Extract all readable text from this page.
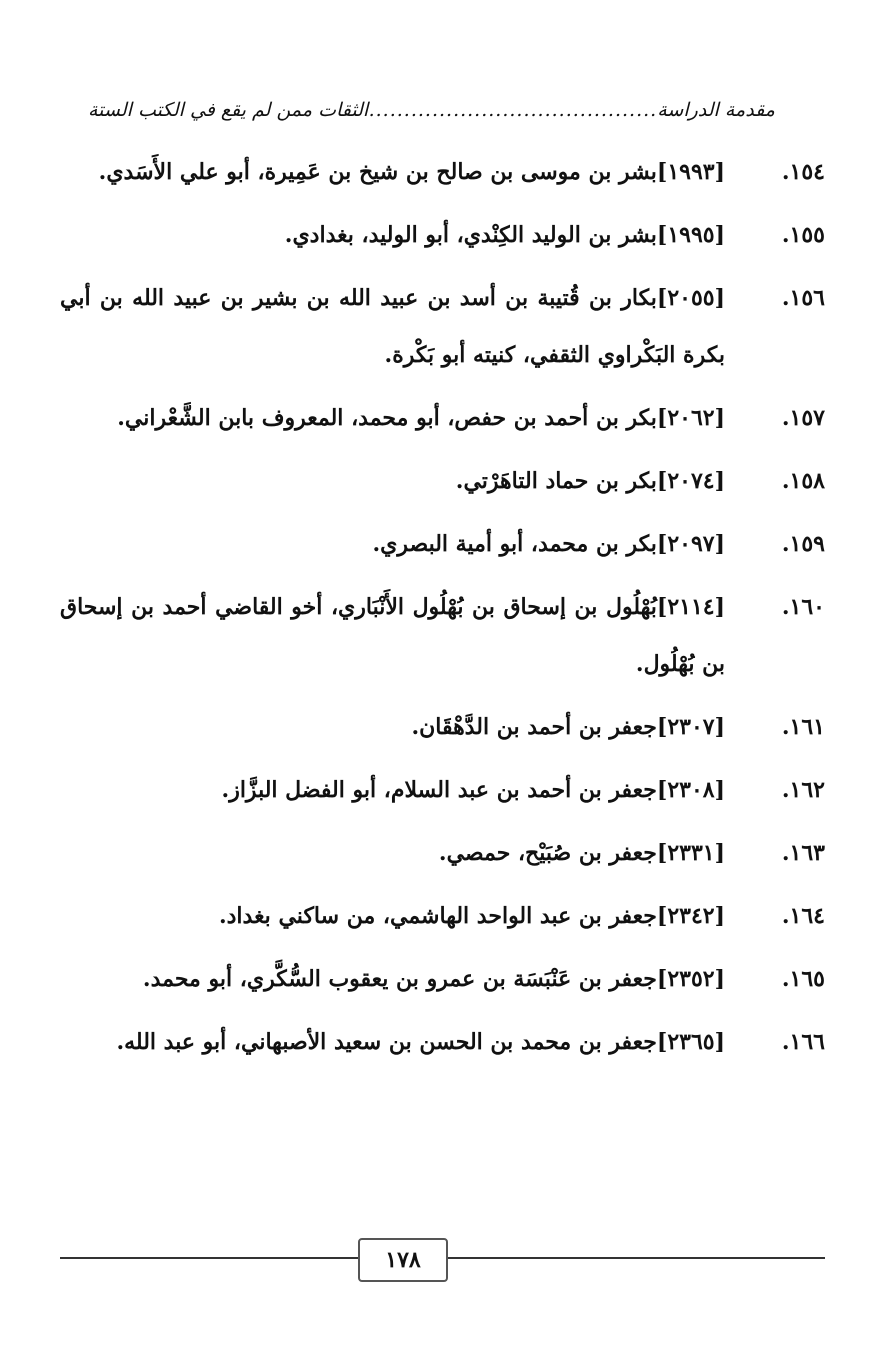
مقدمة الدراسة
.....
الثقات ممن لم يقع في الكتب الستة
١٥٤.
[١٩٩٣]بشر بن موسى بن صالح بن شيخ بن عَمِيرة، أبو علي الأَسَدي.
١٥٥.
[١٩٩٥]بشر بن الوليد الكِنْدي، أبو الوليد، بغدادي.
١٥٦.
[٢٠٥٥]بكار بن قُتيبة بن أسد بن عبيد الله بن بشير بن عبيد الله بن أبي بكرة البَكْراوي الثقفي، كنيته أبو بَكْرة.
١٥٧.
[٢٠٦٢]بكر بن أحمد بن حفص، أبو محمد، المعروف بابن الشَّعْراني.
١٥٨.
[٢٠٧٤]بكر بن حماد التاهَرْتي.
١٥٩.
[٢٠٩٧]بكر بن محمد، أبو أمية البصري.
١٦٠.
[٢١١٤]بُهْلُول بن إسحاق بن بُهْلُول الأَنْبَاري، أخو القاضي أحمد بن إسحاق بن بُهْلُول.
١٦١.
[٢٣٠٧]جعفر بن أحمد بن الدَّهْقَان.
١٦٢.
[٢٣٠٨]جعفر بن أحمد بن عبد السلام، أبو الفضل البزَّاز.
١٦٣.
[٢٣٣١]جعفر بن صُبَيْح، حمصي.
١٦٤.
[٢٣٤٢]جعفر بن عبد الواحد الهاشمي، من ساكني بغداد.
١٦٥.
[٢٣٥٢]جعفر بن عَنْبَسَة بن عمرو بن يعقوب السُّكَّري، أبو محمد.
١٦٦.
[٢٣٦٥]جعفر بن محمد بن الحسن بن سعيد الأصبهاني، أبو عبد الله.
١٧٨
